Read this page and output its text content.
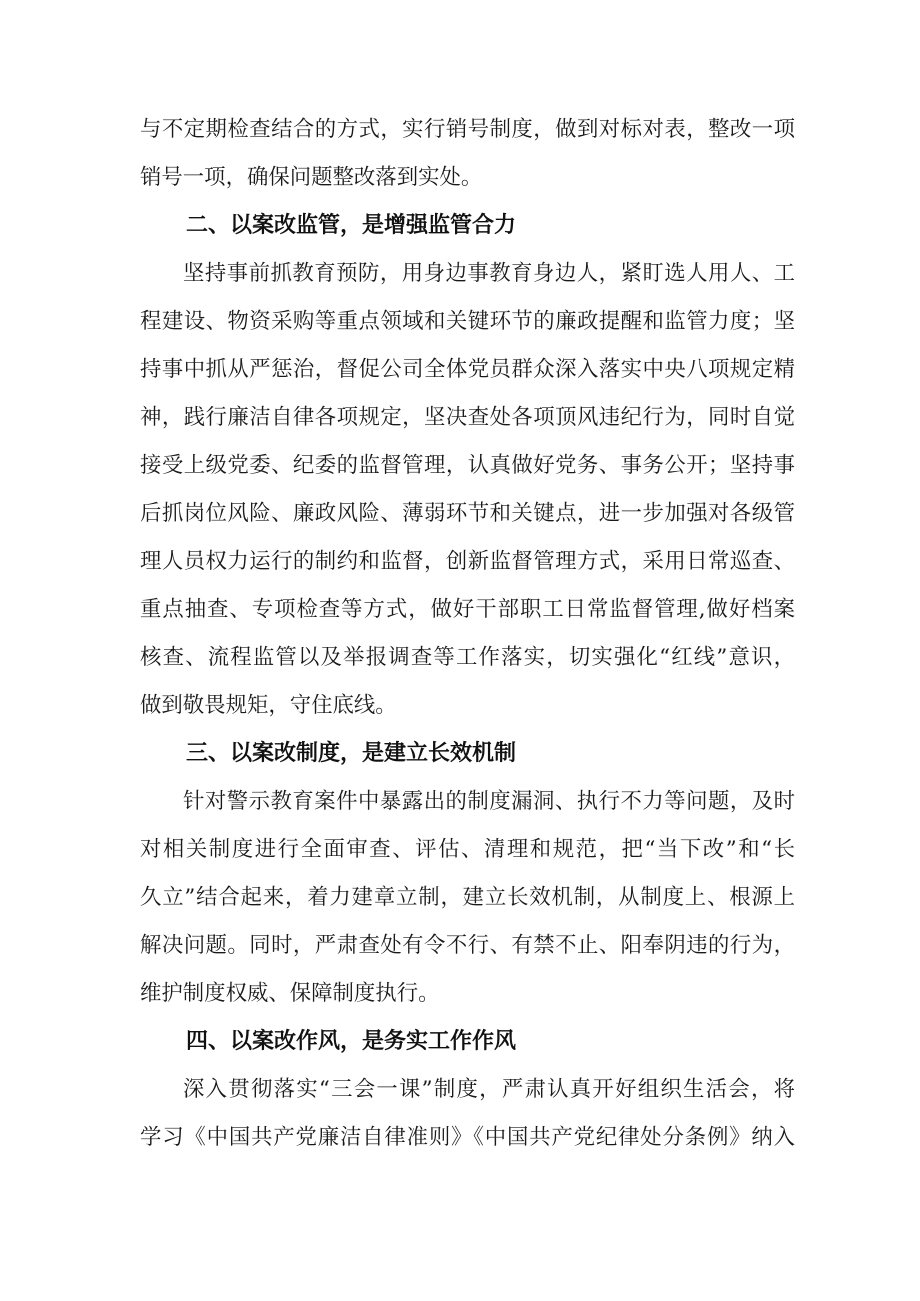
与不定期检查结合的方式，实行销号制度，做到对标对表，整改一项
销号一项，确保问题整改落到实处。
二、以案改监管，是增强监管合力
坚持事前抓教育预防，用身边事教育身边人，紧盯选人用人、工
程建设、物资采购等重点领域和关键环节的廉政提醒和监管力度；坚
持事中抓从严惩治，督促公司全体党员群众深入落实中央八项规定精
神，践行廉洁自律各项规定，坚决查处各项顶风违纪行为，同时自觉
接受上级党委、纪委的监督管理，认真做好党务、事务公开；坚持事
后抓岗位风险、廉政风险、薄弱环节和关键点，进一步加强对各级管
理人员权力运行的制约和监督，创新监督管理方式，采用日常巡查、
重点抽查、专项检查等方式，做好干部职工日常监督管理,做好档案
核查、流程监管以及举报调查等工作落实，切实强化“红线”意识，
做到敬畏规矩，守住底线。
三、以案改制度，是建立长效机制
针对警示教育案件中暴露出的制度漏洞、执行不力等问题，及时
对相关制度进行全面审查、评估、清理和规范，把“当下改”和“长
久立”结合起来，着力建章立制，建立长效机制，从制度上、根源上
解决问题。同时，严肃查处有令不行、有禁不止、阳奉阴违的行为，
维护制度权威、保障制度执行。
四、以案改作风，是务实工作作风
深入贯彻落实“三会一课”制度，严肃认真开好组织生活会，将
学习《中国共产党廉洁自律准则》《中国共产党纪律处分条例》纳入
